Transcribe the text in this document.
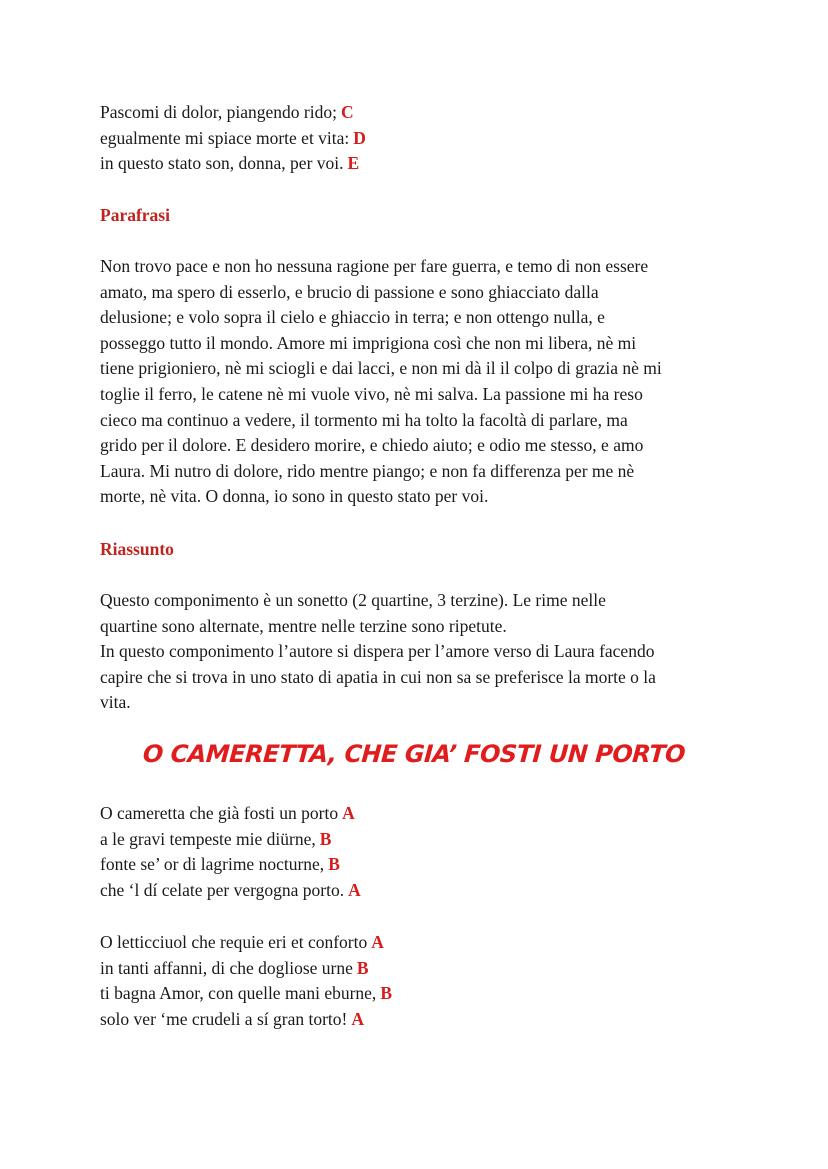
Pascomi di dolor, piangendo rido; C
egualmente mi spiace morte et vita: D
in questo stato son, donna, per voi. E
Parafrasi
Non trovo pace e non ho nessuna ragione per fare guerra, e temo di non essere
amato, ma spero di esserlo, e brucio di passione e sono ghiacciato dalla
delusione; e volo sopra il cielo e ghiaccio in terra; e non ottengo nulla, e
posseggo tutto il mondo. Amore mi imprigiona così che non mi libera, nè mi
tiene prigioniero, nè mi sciogli e dai lacci, e non mi dà il il colpo di grazia nè mi
toglie il ferro, le catene nè mi vuole vivo, nè mi salva. La passione mi ha reso
cieco ma continuo a vedere, il tormento mi ha tolto la facoltà di parlare, ma
grido per il dolore. E desidero morire, e chiedo aiuto; e odio me stesso, e amo
Laura. Mi nutro di dolore, rido mentre piango; e non fa differenza per me nè
morte, nè vita. O donna, io sono in questo stato per voi.
Riassunto
Questo componimento è un sonetto (2 quartine, 3 terzine). Le rime nelle
quartine sono alternate, mentre nelle terzine sono ripetute.
In questo componimento l’autore si dispera per l’amore verso di Laura facendo
capire che si trova in uno stato di apatia in cui non sa se preferisce la morte o la
vita.
O CAMERETTA, CHE GIA’ FOSTI UN PORTO
O cameretta che già fosti un porto A
a le gravi tempeste mie diürne, B
fonte se’ or di lagrime nocturne, B
che ‘l dí celate per vergogna porto. A
O letticciuol che requie eri et conforto A
in tanti affanni, di che dogliose urne B
ti bagna Amor, con quelle mani eburne, B
solo ver ‘me crudeli a sí gran torto! A
